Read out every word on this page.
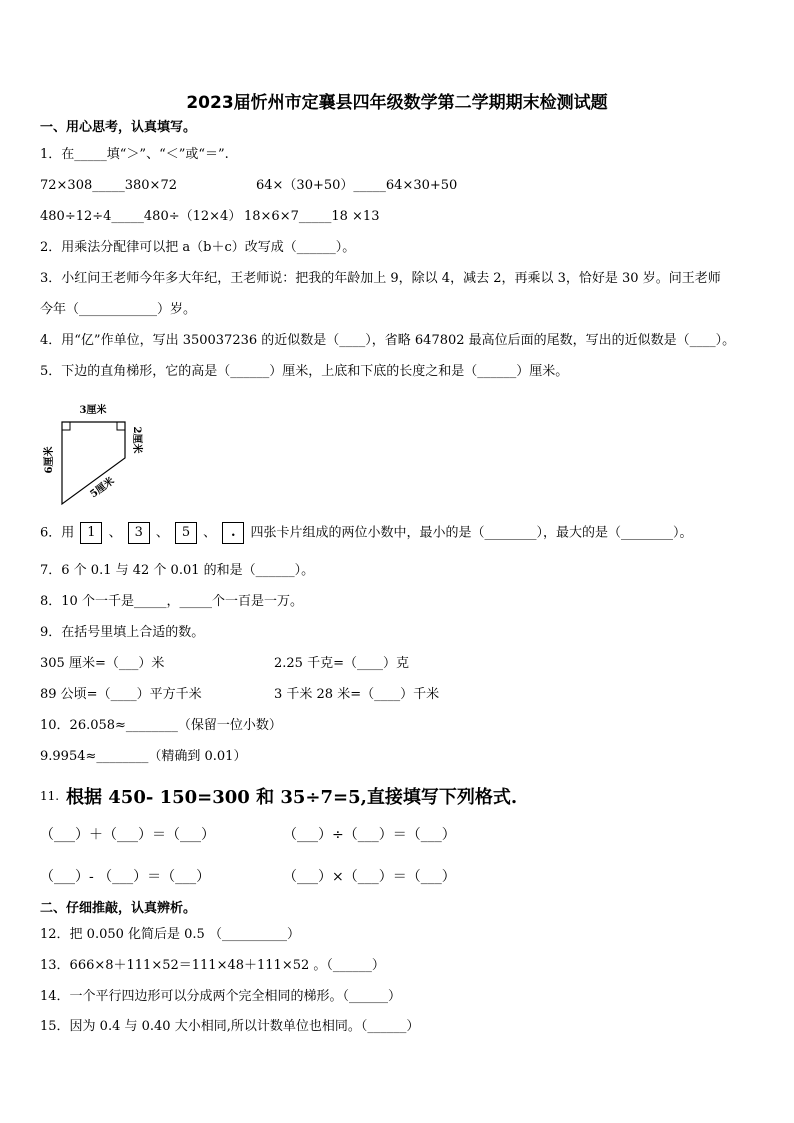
2023届忻州市定襄县四年级数学第二学期期末检测试题
一、用心思考，认真填写。
1．在_____填“＞”、“＜”或“＝”.
72×308_____380×72	64×（30+50）_____64×30+50
480÷12÷4_____480÷（12×4） 18×6×7_____18 ×13
2．用乘法分配律可以把 a（b＋c）改写成（______）。
3．小红问王老师今年多大年纪，王老师说：把我的年龄加上 9，除以 4，减去 2，再乘以 3，恰好是 30 岁。问王老师
今年（____________）岁。
4．用“亿”作单位，写出 350037236 的近似数是（____），省略 647802 最高位后面的尾数，写出的近似数是（____）。
5．下边的直角梯形，它的高是（______）厘米，上底和下底的长度之和是（______）厘米。
3厘米
6厘米
2厘米
5厘米
6．用 1 、 3 、 5 、 . 四张卡片组成的两位小数中，最小的是（________），最大的是（________）。
7．6 个 0.1 与 42 个 0.01 的和是（______）。
8．10 个一千是_____，_____个一百是一万。
9．在括号里填上合适的数。
305 厘米=（___）米	2.25 千克=（____）克
89 公顷=（____）平方千米	3 千米 28 米=（____）千米
10．26.058≈________（保留一位小数）
9.9954≈________（精确到 0.01）
11. 根据 450- 150=300 和 35÷7=5,直接填写下列格式.
（___）＋（___）＝（___）	（___）÷（___）＝（___）
（___）- （___）＝（___）	（___）×（___）＝（___）
二、仔细推敲，认真辨析。
12．把 0.050 化简后是 0.5 （__________）
13．666×8＋111×52＝111×48＋111×52 。（______）
14．一个平行四边形可以分成两个完全相同的梯形。（______）
15．因为 0.4 与 0.40 大小相同,所以计数单位也相同。（______）
